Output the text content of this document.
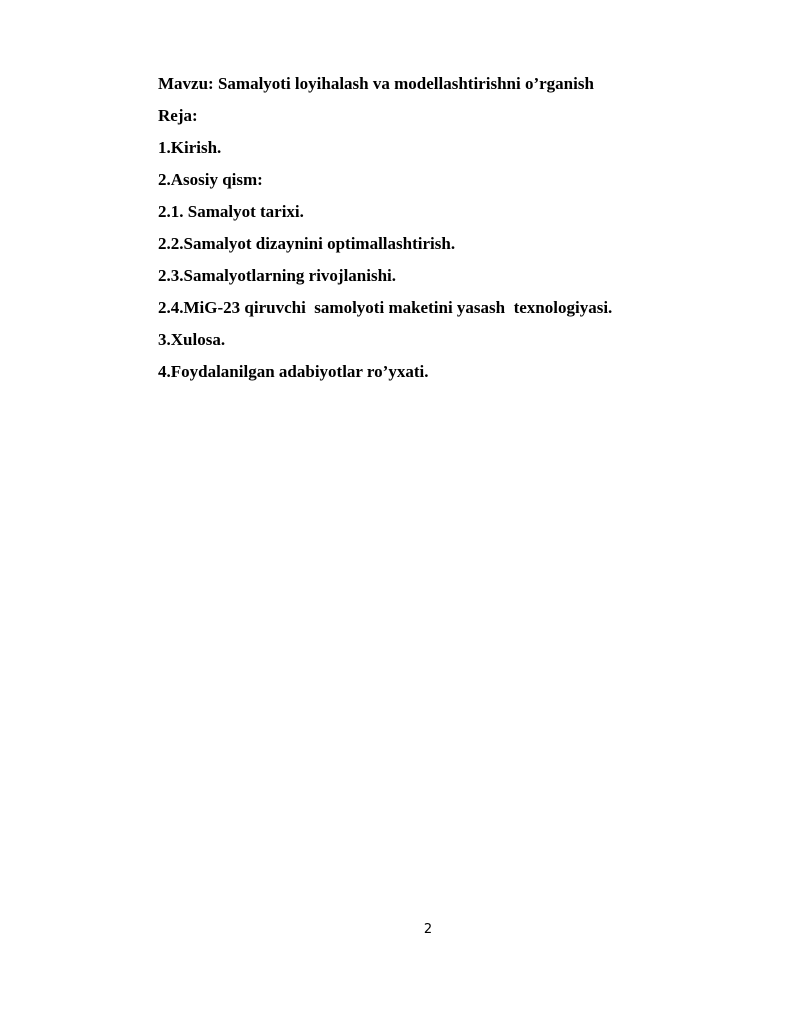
Mavzu: Samalyoti loyihalash va modellashtirishni o’rganish

Reja:

1.Kirish.

2.Asosiy qism:

2.1. Samalyot tarixi.

2.2.Samalyot dizaynini optimallashtirish.

2.3.Samalyotlarning rivojlanishi.

2.4.MiG-23 qiruvchi  samolyoti maketini yasash  texnologiyasi.

3.Xulosa.

4.Foydalanilgan adabiyotlar ro’yxati.

2
